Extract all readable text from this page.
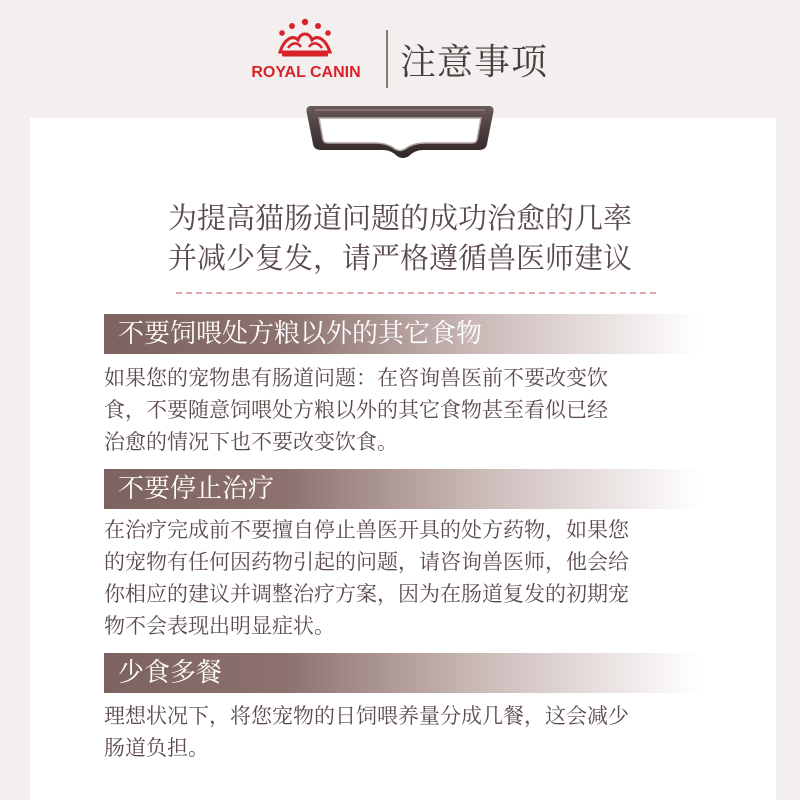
ROYAL CANIN	注意事项
为提高猫肠道问题的成功治愈的几率
并减少复发，请严格遵循兽医师建议
不要饲喂处方粮以外的其它食物
如果您的宠物患有肠道问题：在咨询兽医前不要改变饮
食，不要随意饲喂处方粮以外的其它食物甚至看似已经
治愈的情况下也不要改变饮食。
不要停止治疗
在治疗完成前不要擅自停止兽医开具的处方药物，如果您
的宠物有任何因药物引起的问题，请咨询兽医师，他会给
你相应的建议并调整治疗方案，因为在肠道复发的初期宠
物不会表现出明显症状。
少食多餐
理想状况下，将您宠物的日饲喂养量分成几餐，这会减少
肠道负担。
